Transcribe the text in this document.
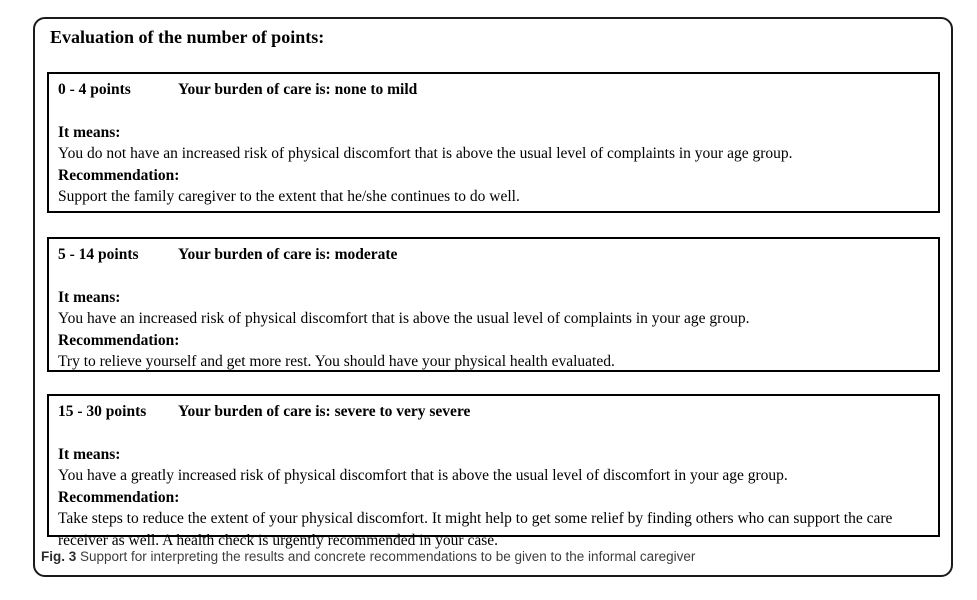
Evaluation of the number of points:
0 - 4 points	Your burden of care is: none to mild
It means:
You do not have an increased risk of physical discomfort that is above the usual level of complaints in your age group.
Recommendation:
Support the family caregiver to the extent that he/she continues to do well.
5 - 14 points	Your burden of care is: moderate
It means:
You have an increased risk of physical discomfort that is above the usual level of complaints in your age group.
Recommendation:
Try to relieve yourself and get more rest. You should have your physical health evaluated.
15 - 30 points	Your burden of care is: severe to very severe
It means:
You have a greatly increased risk of physical discomfort that is above the usual level of discomfort in your age group.
Recommendation:
Take steps to reduce the extent of your physical discomfort. It might help to get some relief by finding others who can support the care receiver as well. A health check is urgently recommended in your case.
Fig. 3 Support for interpreting the results and concrete recommendations to be given to the informal caregiver
